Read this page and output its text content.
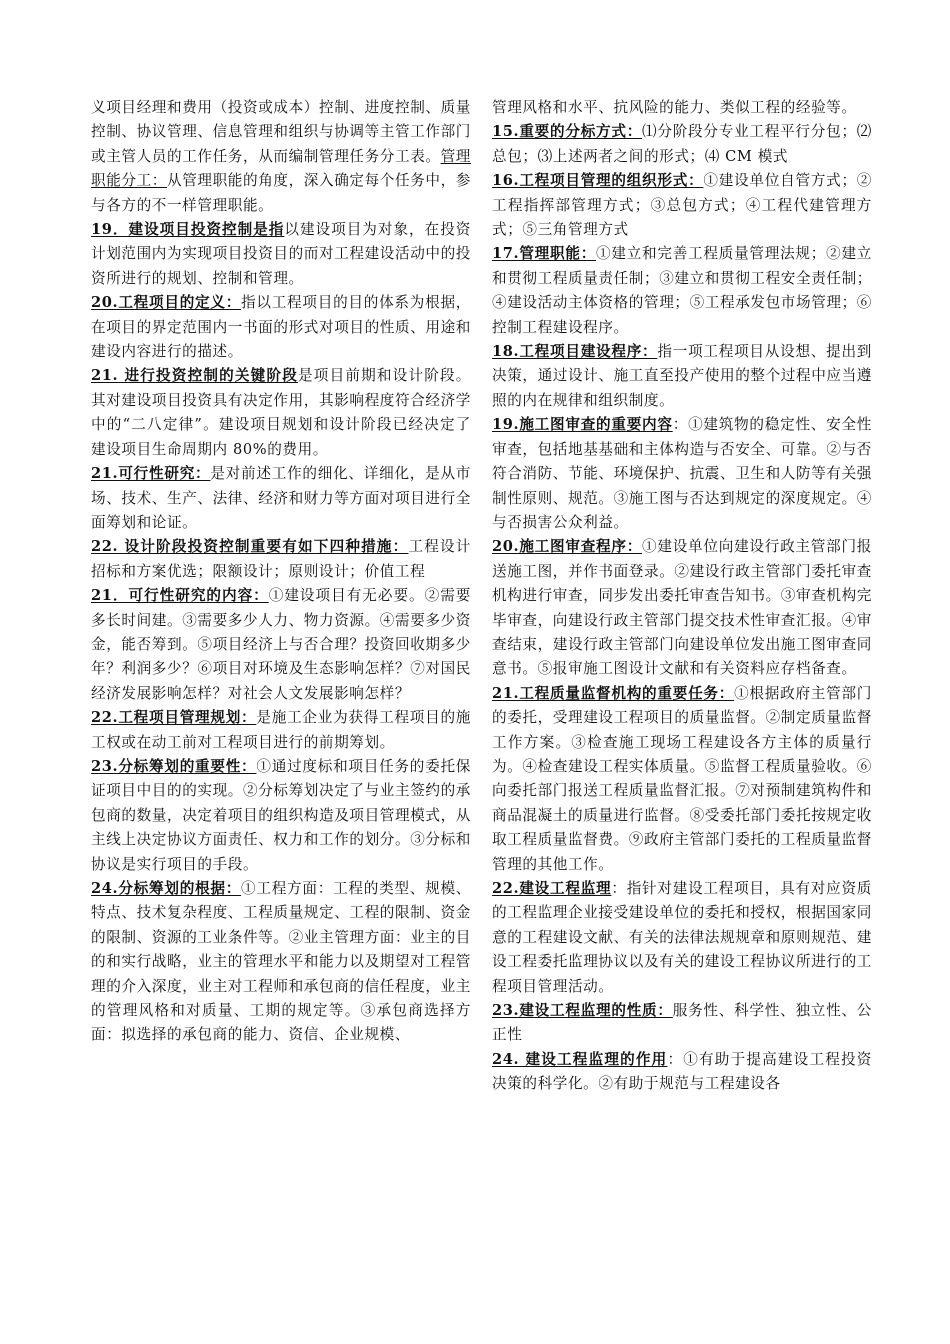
义项目经理和费用（投资或成本）控制、进度控制、质量控制、协议管理、信息管理和组织与协调等主管工作部门或主管人员的工作任务，从而编制管理任务分工表。管理职能分工：从管理职能的角度，深入确定每个任务中，参与各方的不一样管理职能。

19．建设项目投资控制是指以建设项目为对象，在投资计划范围内为实现项目投资目的而对工程建设活动中的投资所进行的规划、控制和管理。

20.工程项目的定义：指以工程项目的目的体系为根据，在项目的界定范围内一书面的形式对项目的性质、用途和建设内容进行的描述。

21. 进行投资控制的关键阶段是项目前期和设计阶段。其对建设项目投资具有决定作用，其影响程度符合经济学中的“二八定律”。建设项目规划和设计阶段已经决定了建设项目生命周期内 80%的费用。

21.可行性研究：是对前述工作的细化、详细化，是从市场、技术、生产、法律、经济和财力等方面对项目进行全面筹划和论证。

22. 设计阶段投资控制重要有如下四种措施：工程设计招标和方案优选；限额设计；原则设计；价值工程

21．可行性研究的内容：①建设项目有无必要。②需要多长时间建。③需要多少人力、物力资源。④需要多少资金，能否筹到。⑤项目经济上与否合理？投资回收期多少年？利润多少？⑥项目对环境及生态影响怎样？⑦对国民经济发展影响怎样？对社会人文发展影响怎样？

22.工程项目管理规划：是施工企业为获得工程项目的施工权或在动工前对工程项目进行的前期筹划。

23.分标筹划的重要性：①通过度标和项目任务的委托保证项目中目的的实现。②分标筹划决定了与业主签约的承包商的数量，决定着项目的组织构造及项目管理模式，从主线上决定协议方面责任、权力和工作的划分。③分标和协议是实行项目的手段。

24.分标筹划的根据：①工程方面：工程的类型、规模、特点、技术复杂程度、工程质量规定、工程的限制、资金的限制、资源的工业条件等。②业主管理方面：业主的目的和实行战略，业主的管理水平和能力以及期望对工程管理的介入深度，业主对工程师和承包商的信任程度，业主的管理风格和对质量、工期的规定等。③承包商选择方面：拟选择的承包商的能力、资信、企业规模、

管理风格和水平、抗风险的能力、类似工程的经验等。

15.重要的分标方式：⑴分阶段分专业工程平行分包；⑵总包；⑶上述两者之间的形式；⑷ CM 模式

16.工程项目管理的组织形式：①建设单位自管方式；②工程指挥部管理方式；③总包方式；④工程代建管理方式；⑤三角管理方式

17.管理职能：①建立和完善工程质量管理法规；②建立和贯彻工程质量责任制；③建立和贯彻工程安全责任制；④建设活动主体资格的管理；⑤工程承发包市场管理；⑥控制工程建设程序。

18.工程项目建设程序：指一项工程项目从设想、提出到决策，通过设计、施工直至投产使用的整个过程中应当遵照的内在规律和组织制度。

19.施工图审查的重要内容：①建筑物的稳定性、安全性审查，包括地基基础和主体构造与否安全、可靠。②与否符合消防、节能、环境保护、抗震、卫生和人防等有关强制性原则、规范。③施工图与否达到规定的深度规定。④与否损害公众利益。

20.施工图审查程序：①建设单位向建设行政主管部门报送施工图，并作书面登录。②建设行政主管部门委托审查机构进行审查，同步发出委托审查告知书。③审查机构完毕审查，向建设行政主管部门提交技术性审查汇报。④审查结束，建设行政主管部门向建设单位发出施工图审查同意书。⑤报审施工图设计文献和有关资料应存档备查。

21.工程质量监督机构的重要任务：①根据政府主管部门的委托，受理建设工程项目的质量监督。②制定质量监督工作方案。③检查施工现场工程建设各方主体的质量行为。④检查建设工程实体质量。⑤监督工程质量验收。⑥向委托部门报送工程质量监督汇报。⑦对预制建筑构件和商品混凝土的质量进行监督。⑧受委托部门委托按规定收取工程质量监督费。⑨政府主管部门委托的工程质量监督管理的其他工作。

22.建设工程监理：指针对建设工程项目，具有对应资质的工程监理企业接受建设单位的委托和授权，根据国家同意的工程建设文献、有关的法律法规规章和原则规范、建设工程委托监理协议以及有关的建设工程协议所进行的工程项目管理活动。

23.建设工程监理的性质：服务性、科学性、独立性、公正性

24. 建设工程监理的作用：①有助于提高建设工程投资决策的科学化。②有助于规范与工程建设各
